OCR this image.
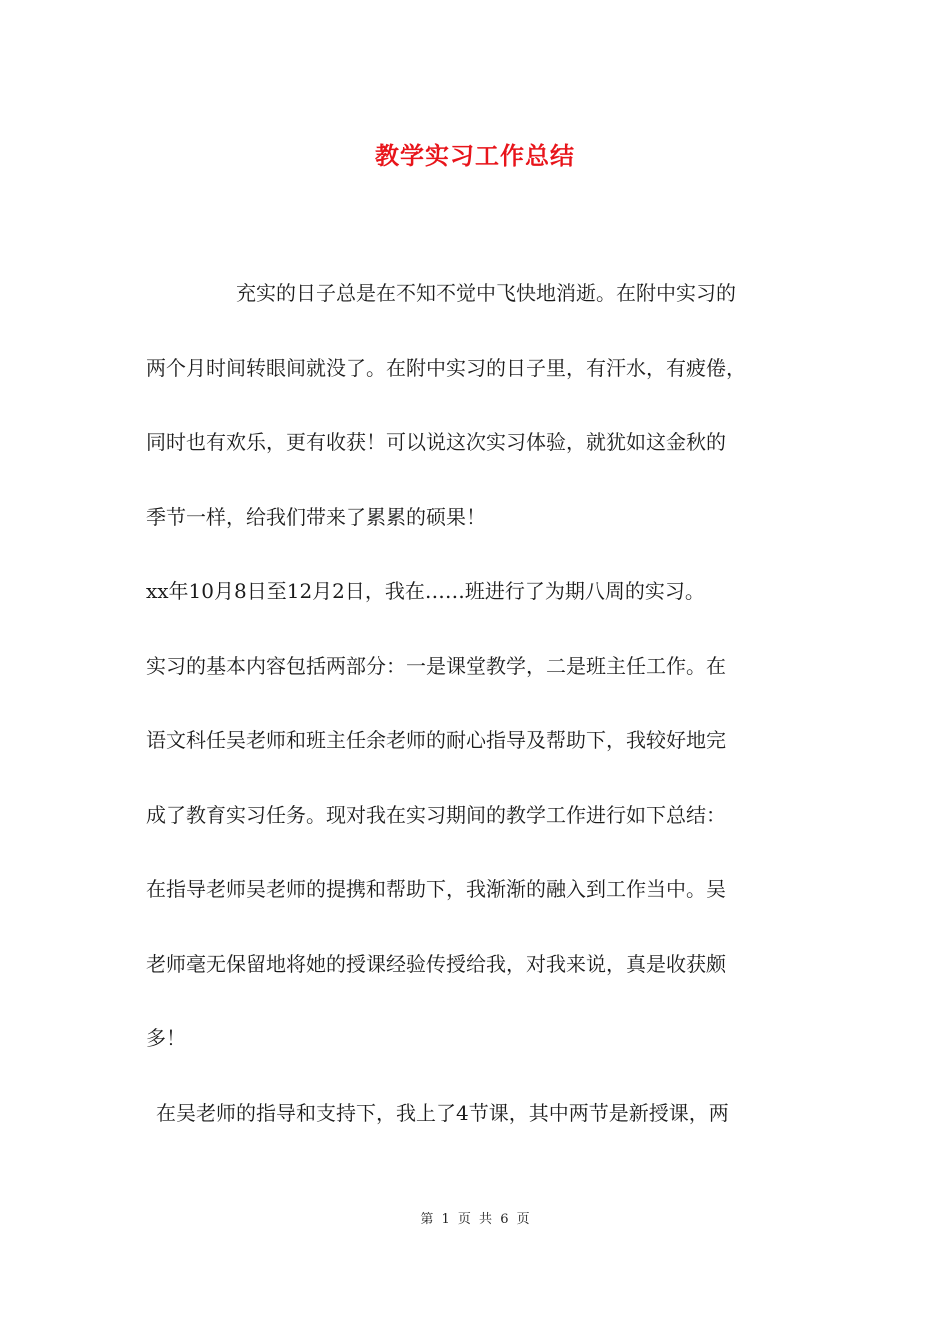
教学实习工作总结
充实的日子总是在不知不觉中飞快地消逝。在附中实习的
两个月时间转眼间就没了。在附中实习的日子里，有汗水，有疲倦，
同时也有欢乐，更有收获！可以说这次实习体验，就犹如这金秋的
季节一样，给我们带来了累累的硕果！
xx年10月8日至12月2日，我在……班进行了为期八周的实习。
实习的基本内容包括两部分：一是课堂教学，二是班主任工作。在
语文科任吴老师和班主任余老师的耐心指导及帮助下，我较好地完
成了教育实习任务。现对我在实习期间的教学工作进行如下总结：
在指导老师吴老师的提携和帮助下，我渐渐的融入到工作当中。吴
老师毫无保留地将她的授课经验传授给我，对我来说，真是收获颇
多！
在吴老师的指导和支持下，我上了4节课，其中两节是新授课，两
第 1 页 共 6 页
